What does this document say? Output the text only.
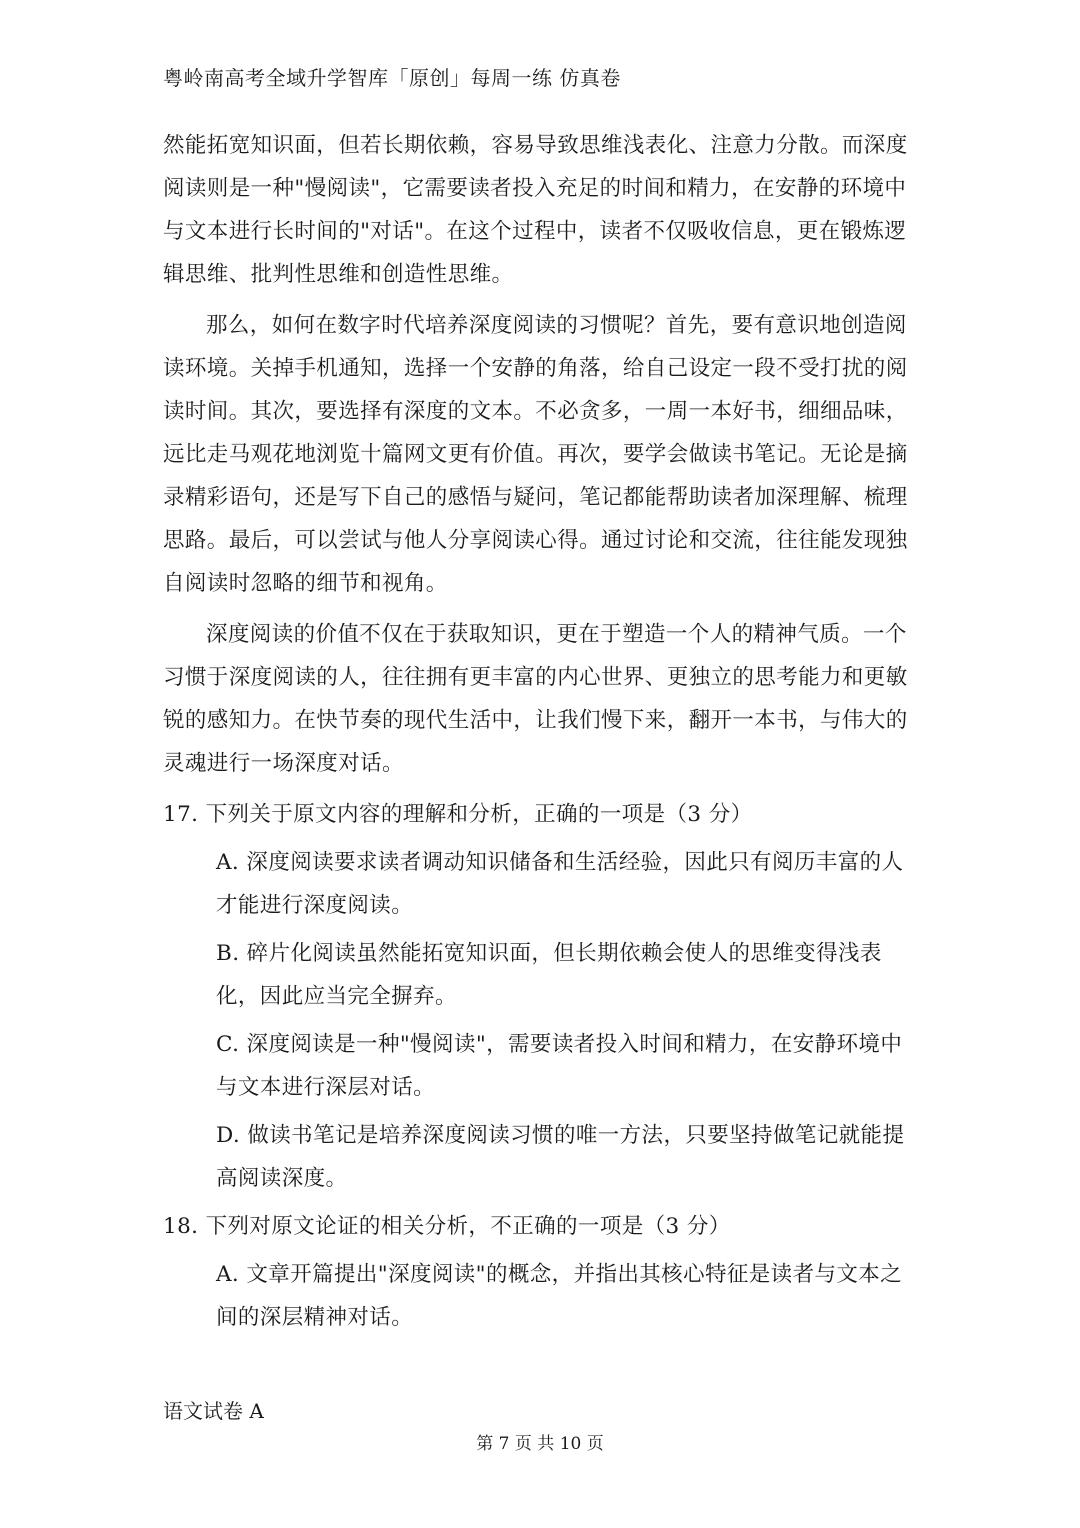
粤岭南高考全域升学智库「原创」每周一练 仿真卷

然能拓宽知识面，但若长期依赖，容易导致思维浅表化、注意力分散。而深度阅读则是一种"慢阅读"，它需要读者投入充足的时间和精力，在安静的环境中与文本进行长时间的"对话"。在这个过程中，读者不仅吸收信息，更在锻炼逻辑思维、批判性思维和创造性思维。

那么，如何在数字时代培养深度阅读的习惯呢？首先，要有意识地创造阅读环境。关掉手机通知，选择一个安静的角落，给自己设定一段不受打扰的阅读时间。其次，要选择有深度的文本。不必贪多，一周一本好书，细细品味，远比走马观花地浏览十篇网文更有价值。再次，要学会做读书笔记。无论是摘录精彩语句，还是写下自己的感悟与疑问，笔记都能帮助读者加深理解、梳理思路。最后，可以尝试与他人分享阅读心得。通过讨论和交流，往往能发现独自阅读时忽略的细节和视角。

深度阅读的价值不仅在于获取知识，更在于塑造一个人的精神气质。一个习惯于深度阅读的人，往往拥有更丰富的内心世界、更独立的思考能力和更敏锐的感知力。在快节奏的现代生活中，让我们慢下来，翻开一本书，与伟大的灵魂进行一场深度对话。

17. 下列关于原文内容的理解和分析，正确的一项是（3 分）

A. 深度阅读要求读者调动知识储备和生活经验，因此只有阅历丰富的人才能进行深度阅读。

B. 碎片化阅读虽然能拓宽知识面，但长期依赖会使人的思维变得浅表化，因此应当完全摒弃。

C. 深度阅读是一种"慢阅读"，需要读者投入时间和精力，在安静环境中与文本进行深层对话。

D. 做读书笔记是培养深度阅读习惯的唯一方法，只要坚持做笔记就能提高阅读深度。

18. 下列对原文论证的相关分析，不正确的一项是（3 分）

A. 文章开篇提出"深度阅读"的概念，并指出其核心特征是读者与文本之间的深层精神对话。

语文试卷 A
第 7 页 共 10 页
